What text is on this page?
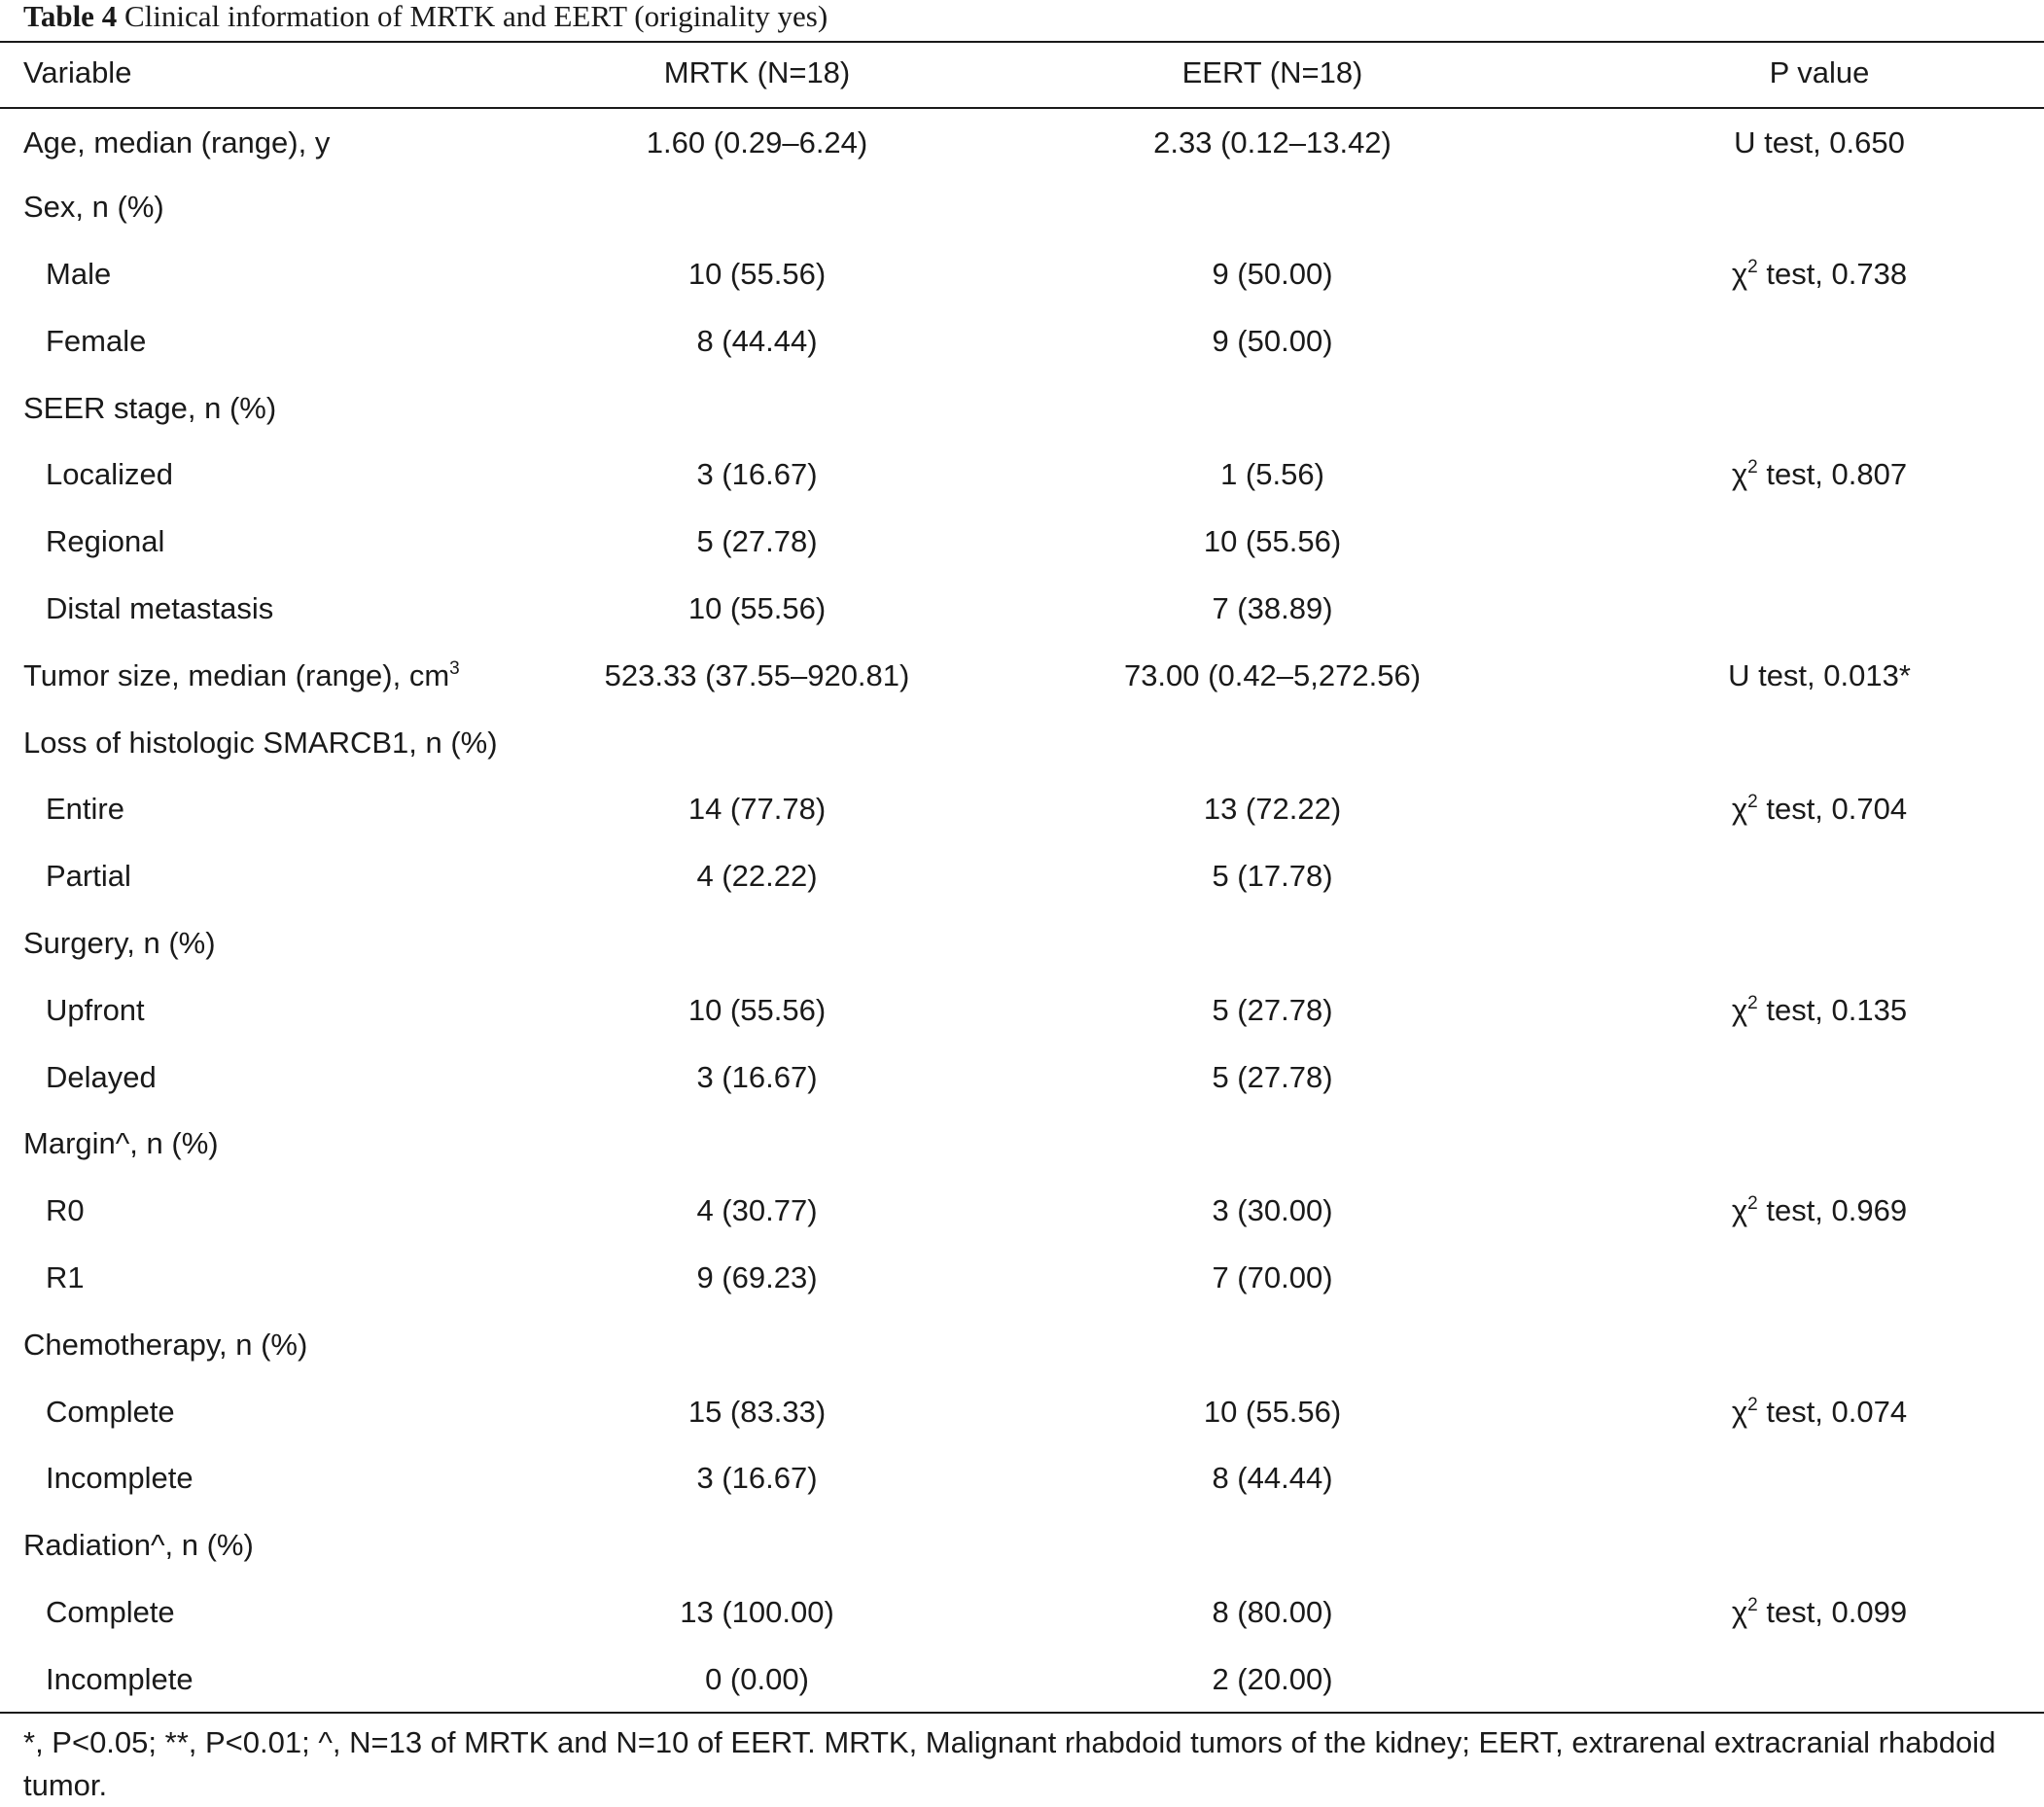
Table 4 Clinical information of MRTK and EERT (originality yes)
Variable	MRTK (N=18)	EERT (N=18)	P value
Age, median (range), y	1.60 (0.29–6.24)	2.33 (0.12–13.42)	U test, 0.650
Sex, n (%)			
Male	10 (55.56)	9 (50.00)	$\chi^2$ test, 0.738
Female	8 (44.44)	9 (50.00)	
SEER stage, n (%)			
Localized	3 (16.67)	1 (5.56)	$\chi^2$ test, 0.807
Regional	5 (27.78)	10 (55.56)	
Distal metastasis	10 (55.56)	7 (38.89)	
Tumor size, median (range), $cm^3$	523.33 (37.55–920.81)	73.00 (0.42–5,272.56)	U test, 0.013*
Loss of histologic SMARCB1, n (%)			
Entire	14 (77.78)	13 (72.22)	$\chi^2$ test, 0.704
Partial	4 (22.22)	5 (17.78)	
Surgery, n (%)			
Upfront	10 (55.56)	5 (27.78)	$\chi^2$ test, 0.135
Delayed	3 (16.67)	5 (27.78)	
Margin^, n (%)			
R0	4 (30.77)	3 (30.00)	$\chi^2$ test, 0.969
R1	9 (69.23)	7 (70.00)	
Chemotherapy, n (%)			
Complete	15 (83.33)	10 (55.56)	$\chi^2$ test, 0.074
Incomplete	3 (16.67)	8 (44.44)	
Radiation^, n (%)			
Complete	13 (100.00)	8 (80.00)	$\chi^2$ test, 0.099
Incomplete	0 (0.00)	2 (20.00)	
*, P<0.05; **, P<0.01; ^, N=13 of MRTK and N=10 of EERT. MRTK, Malignant rhabdoid tumors of the kidney; EERT, extrarenal extracranial rhabdoid tumor.
